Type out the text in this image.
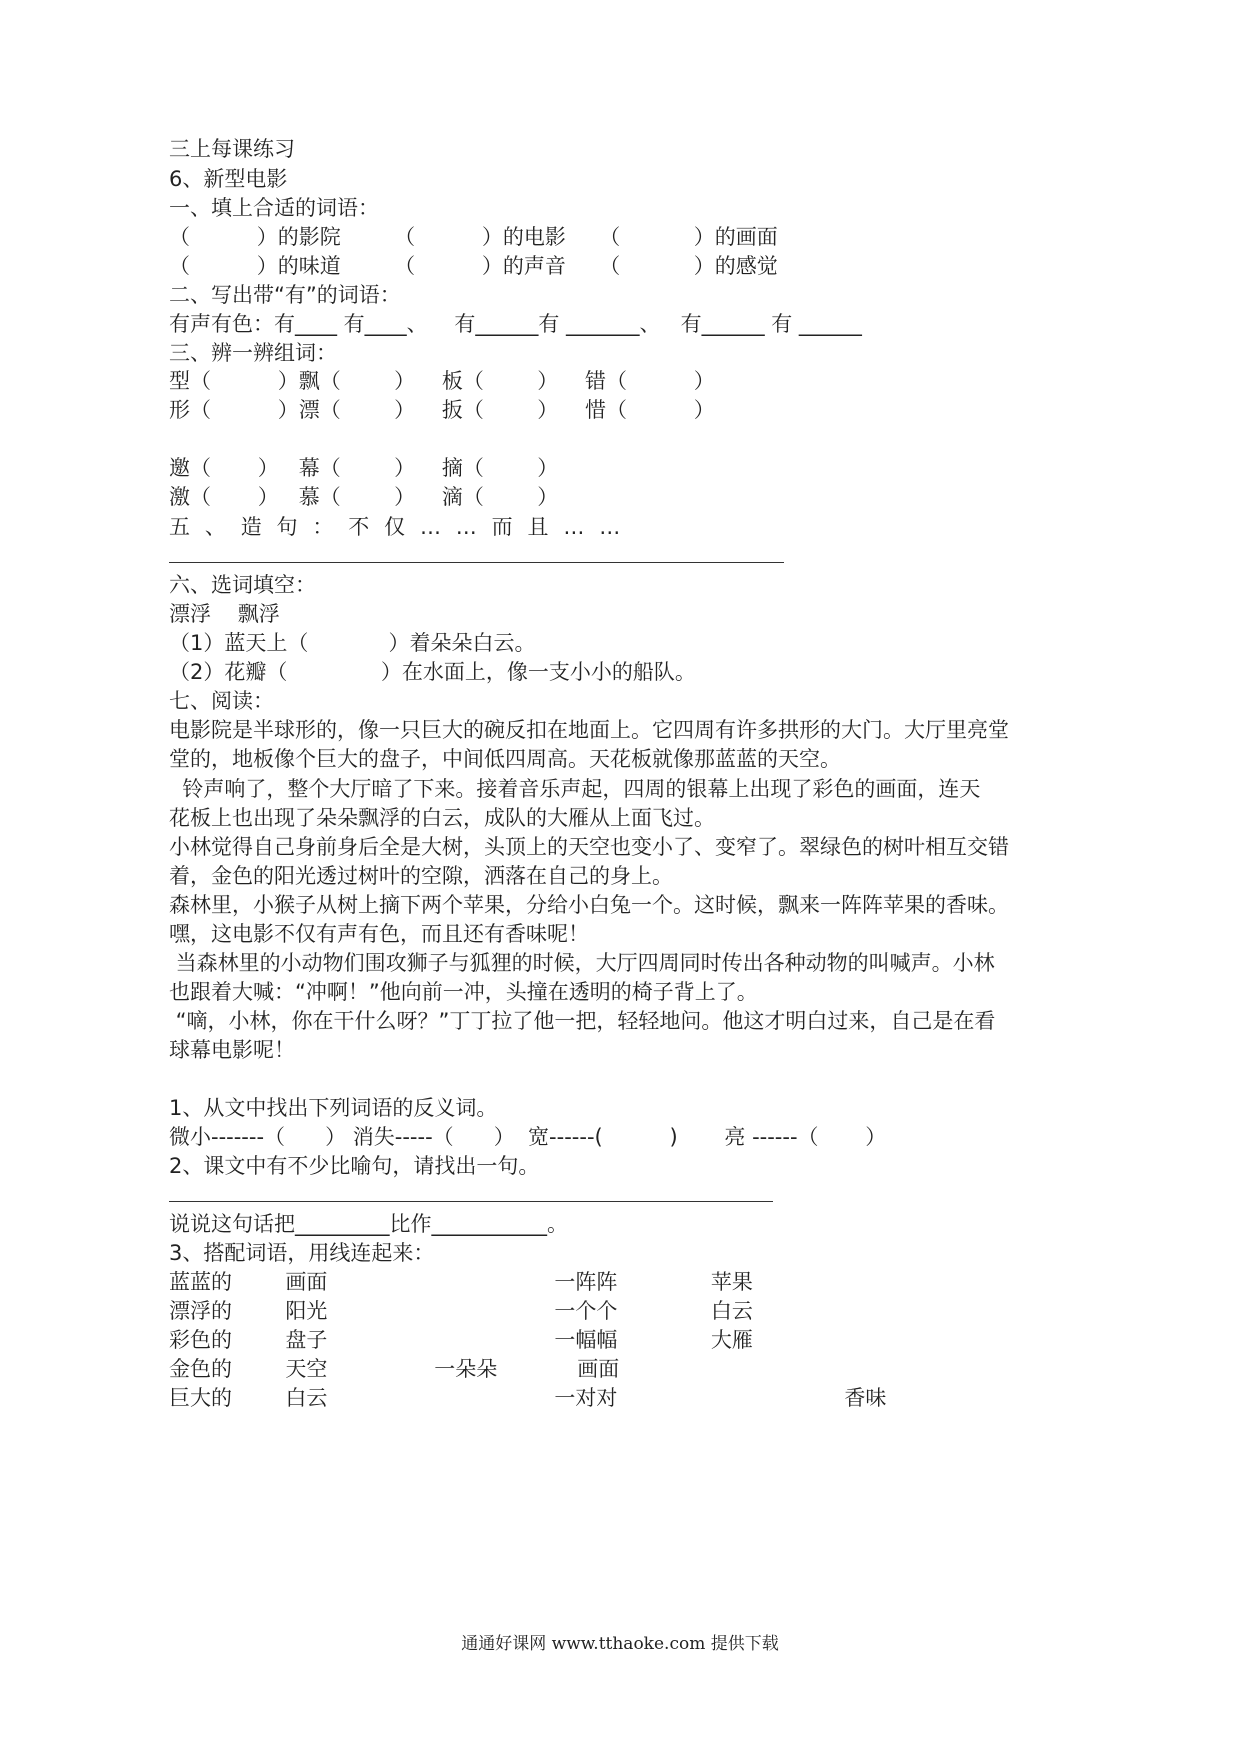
三上每课练习

6、新型电影

一、填上合适的词语：

（          ）的影院        （          ）的电影     （           ）的画面

（          ）的味道        （          ）的声音     （           ）的感觉

二、写出带“有”的词语：

有声有色：有____ 有____、    有______有 _______、   有______ 有 ______

三、辨一辨组词：

型（          ）飘（        ）    板（        ）    错（          ）

形（          ）漂（        ）    扳（        ）    惜（          ）

邀（       ）   幕（        ）    摘（        ）

激（       ）   慕（        ）    滴（        ）

五  、  造  句  ：  不  仅  …  …  而  且  …  …

六、选词填空：

漂浮    飘浮

（1）蓝天上（            ）着朵朵白云。

（2）花瓣（              ）在水面上，像一支小小的船队。

七、阅读：

电影院是半球形的，像一只巨大的碗反扣在地面上。它四周有许多拱形的大门。大厅里亮堂

堂的，地板像个巨大的盘子，中间低四周高。天花板就像那蓝蓝的天空。

铃声响了，整个大厅暗了下来。接着音乐声起，四周的银幕上出现了彩色的画面，连天

花板上也出现了朵朵飘浮的白云，成队的大雁从上面飞过。

小林觉得自己身前身后全是大树，头顶上的天空也变小了、变窄了。翠绿色的树叶相互交错

着，金色的阳光透过树叶的空隙，洒落在自己的身上。

森林里，小猴子从树上摘下两个苹果，分给小白兔一个。这时候，飘来一阵阵苹果的香味。

嘿，这电影不仅有声有色，而且还有香味呢！

当森林里的小动物们围攻狮子与狐狸的时候，大厅四周同时传出各种动物的叫喊声。小林

也跟着大喊：“冲啊！”他向前一冲，头撞在透明的椅子背上了。

“嘀，小林，你在干什么呀？”丁丁拉了他一把，轻轻地问。他这才明白过来，自己是在看

球幕电影呢！

1、从文中找出下列词语的反义词。

微小-------（      ） 消失-----（      ）  宽------(          )       亮 ------（       ）

2、课文中有不少比喻句，请找出一句。

说说这句话把_________比作___________。

3、搭配词语，用线连起来：

蓝蓝的        画面                                  一阵阵              苹果

漂浮的        阳光                                  一个个              白云

彩色的        盘子                                  一幅幅              大雁

金色的        天空                一朵朵            画面

巨大的        白云                                  一对对                                  香味

通通好课网 www.tthaoke.com 提供下载
